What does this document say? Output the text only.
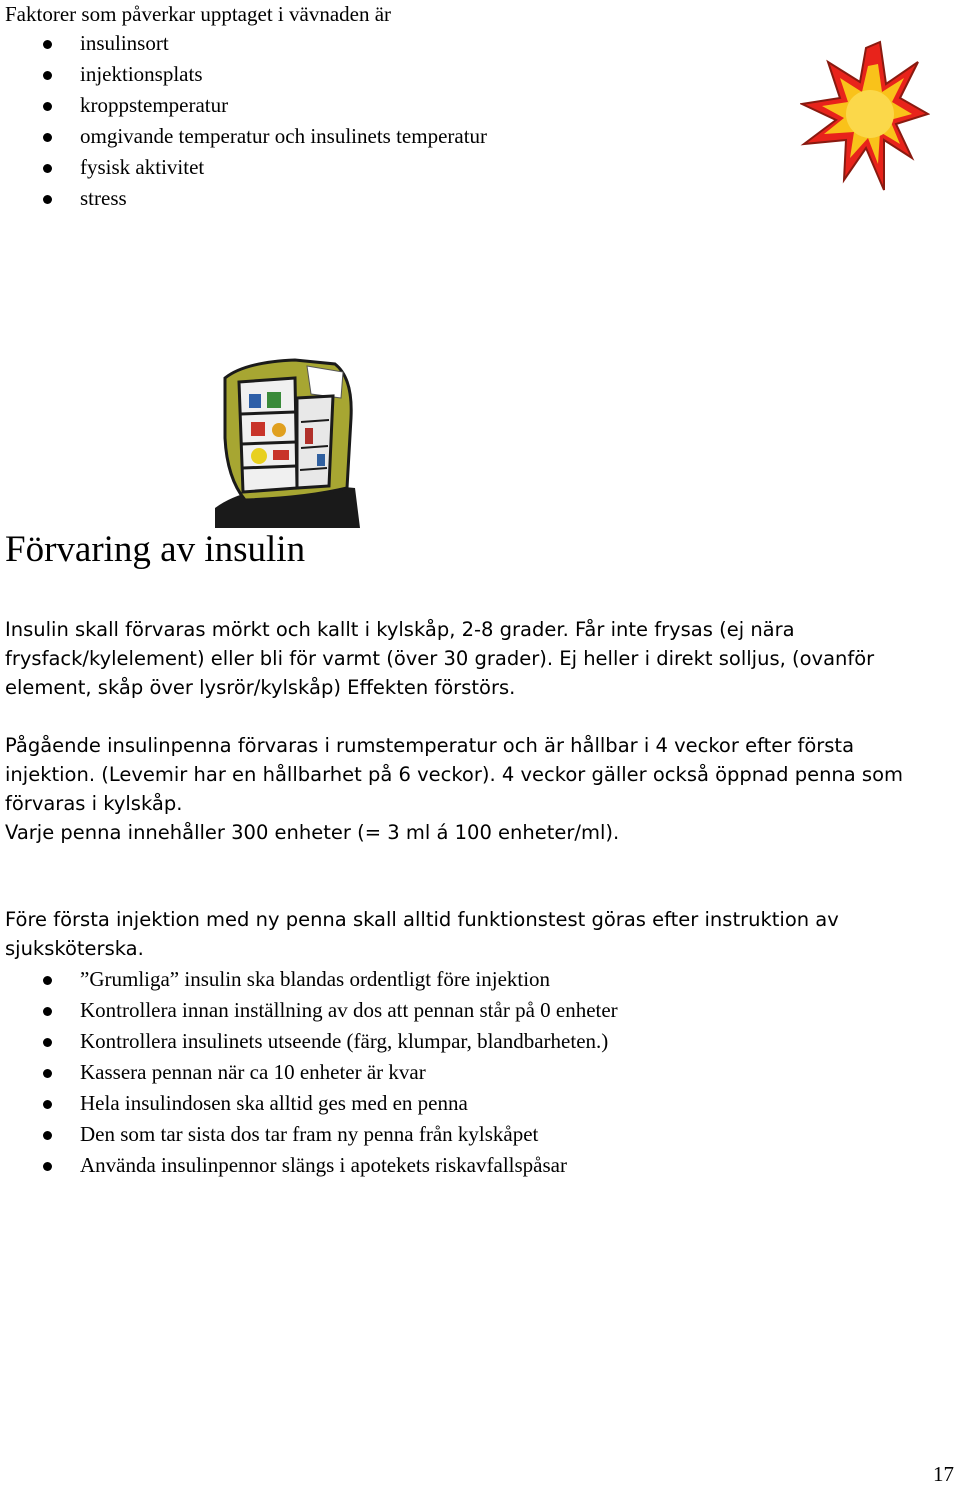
Faktorer som påverkar upptaget i vävnaden är
insulinsort
injektionsplats
kroppstemperatur
omgivande temperatur och insulinets temperatur
fysisk aktivitet
stress
Förvaring av insulin
Insulin skall förvaras mörkt och kallt i kylskåp, 2-8 grader. Får inte frysas (ej nära
frysfack/kylelement) eller bli för varmt (över 30 grader). Ej heller i direkt solljus, (ovanför
element, skåp över lysrör/kylskåp) Effekten förstörs.
Pågående insulinpenna förvaras i rumstemperatur och är hållbar i 4 veckor efter första
injektion. (Levemir har en hållbarhet på 6 veckor). 4 veckor gäller också öppnad penna som
förvaras i kylskåp.
Varje penna innehåller 300 enheter (= 3 ml á 100 enheter/ml).
Före första injektion med ny penna skall alltid funktionstest göras efter instruktion av
sjuksköterska.
”Grumliga” insulin ska blandas ordentligt före injektion
Kontrollera innan inställning av dos att pennan står på 0 enheter
Kontrollera insulinets utseende (färg, klumpar, blandbarheten.)
Kassera pennan när ca 10 enheter är kvar
Hela insulindosen ska alltid ges med en penna
Den som tar sista dos tar fram ny penna från kylskåpet
Använda insulinpennor slängs i apotekets riskavfallspåsar
17
